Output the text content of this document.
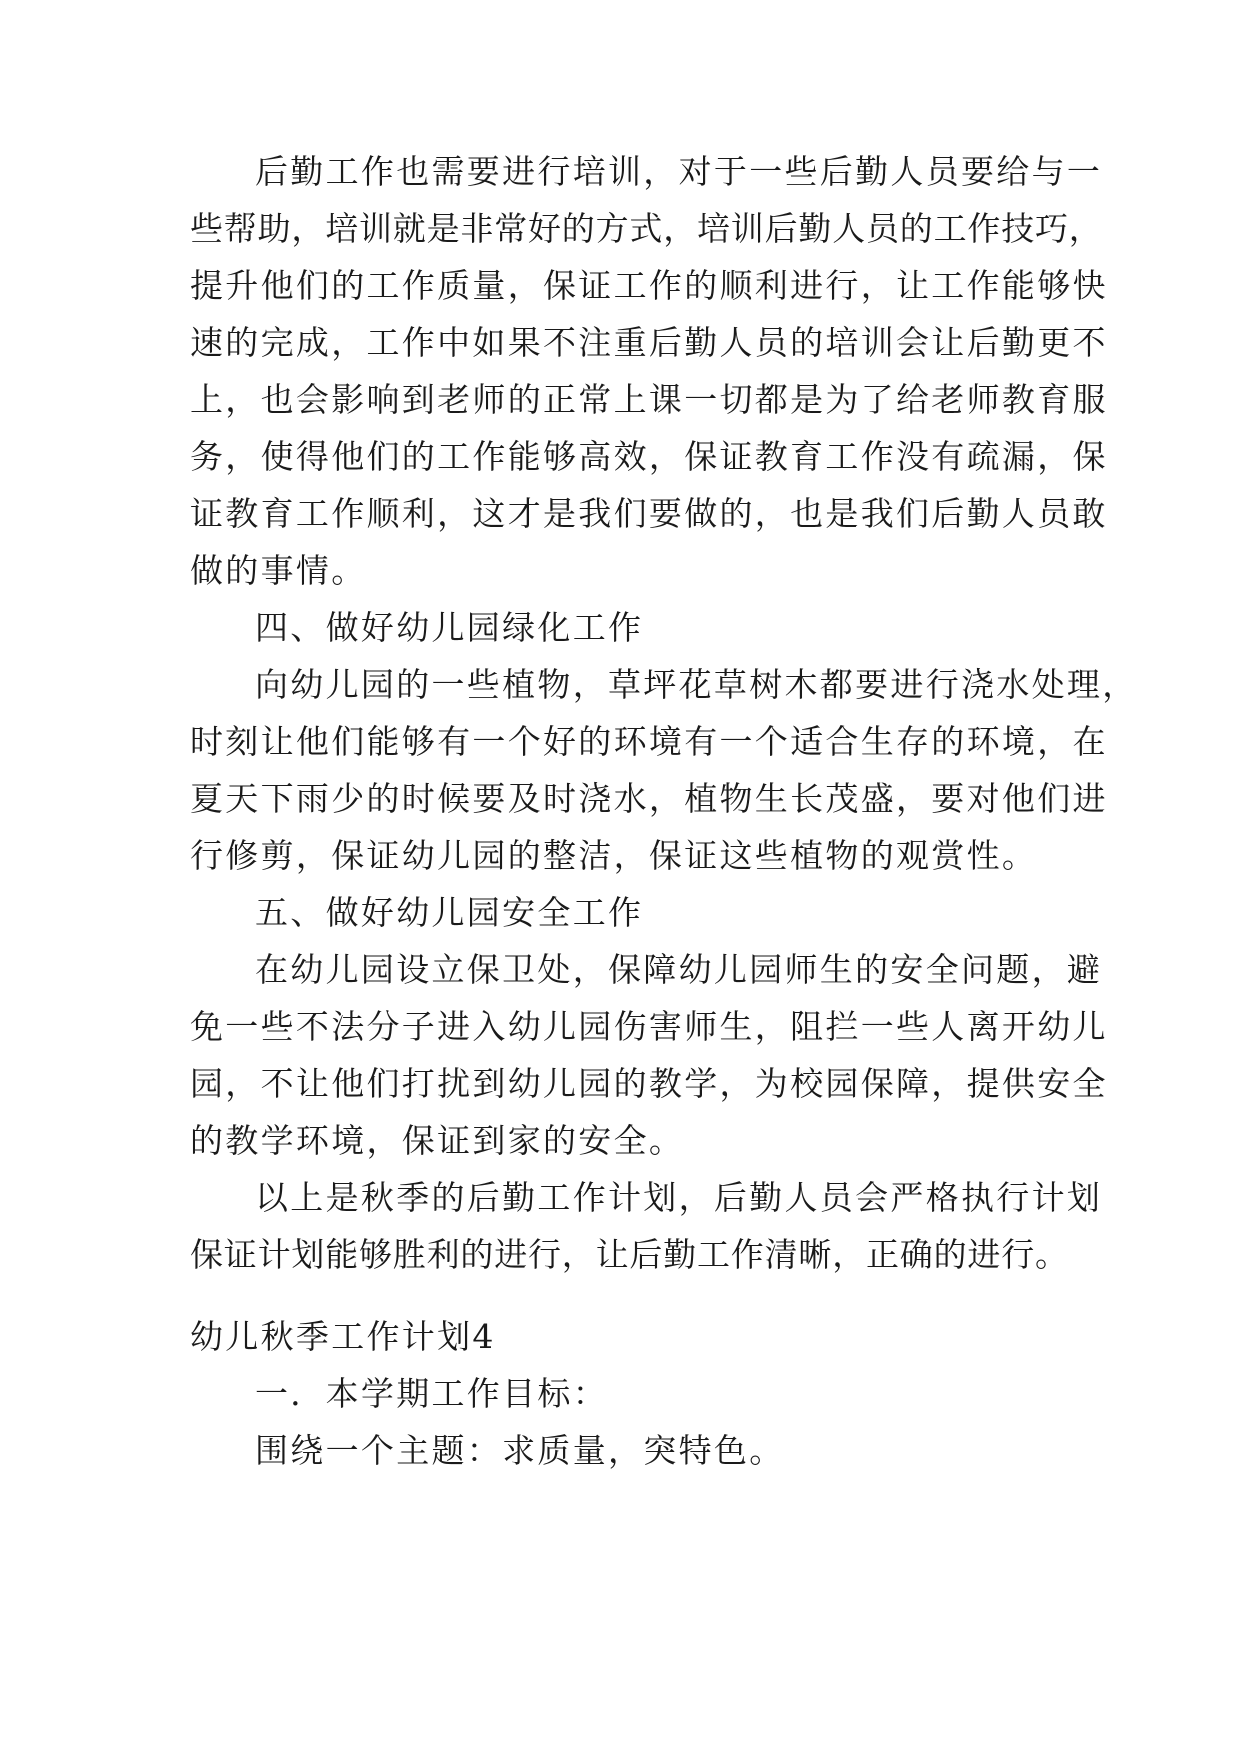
后勤工作也需要进行培训，对于一些后勤人员要给与一
些帮助，培训就是非常好的方式，培训后勤人员的工作技巧，
提升他们的工作质量，保证工作的顺利进行，让工作能够快
速的完成，工作中如果不注重后勤人员的培训会让后勤更不
上，也会影响到老师的正常上课一切都是为了给老师教育服
务，使得他们的工作能够高效，保证教育工作没有疏漏，保
证教育工作顺利，这才是我们要做的，也是我们后勤人员敢
做的事情。
四、做好幼儿园绿化工作
向幼儿园的一些植物，草坪花草树木都要进行浇水处理，
时刻让他们能够有一个好的环境有一个适合生存的环境，在
夏天下雨少的时候要及时浇水，植物生长茂盛，要对他们进
行修剪，保证幼儿园的整洁，保证这些植物的观赏性。
五、做好幼儿园安全工作
在幼儿园设立保卫处，保障幼儿园师生的安全问题，避
免一些不法分子进入幼儿园伤害师生，阻拦一些人离开幼儿
园，不让他们打扰到幼儿园的教学，为校园保障，提供安全
的教学环境，保证到家的安全。
以上是秋季的后勤工作计划，后勤人员会严格执行计划
保证计划能够胜利的进行，让后勤工作清晰，正确的进行。
幼儿秋季工作计划4
一．本学期工作目标：
围绕一个主题：求质量，突特色。
